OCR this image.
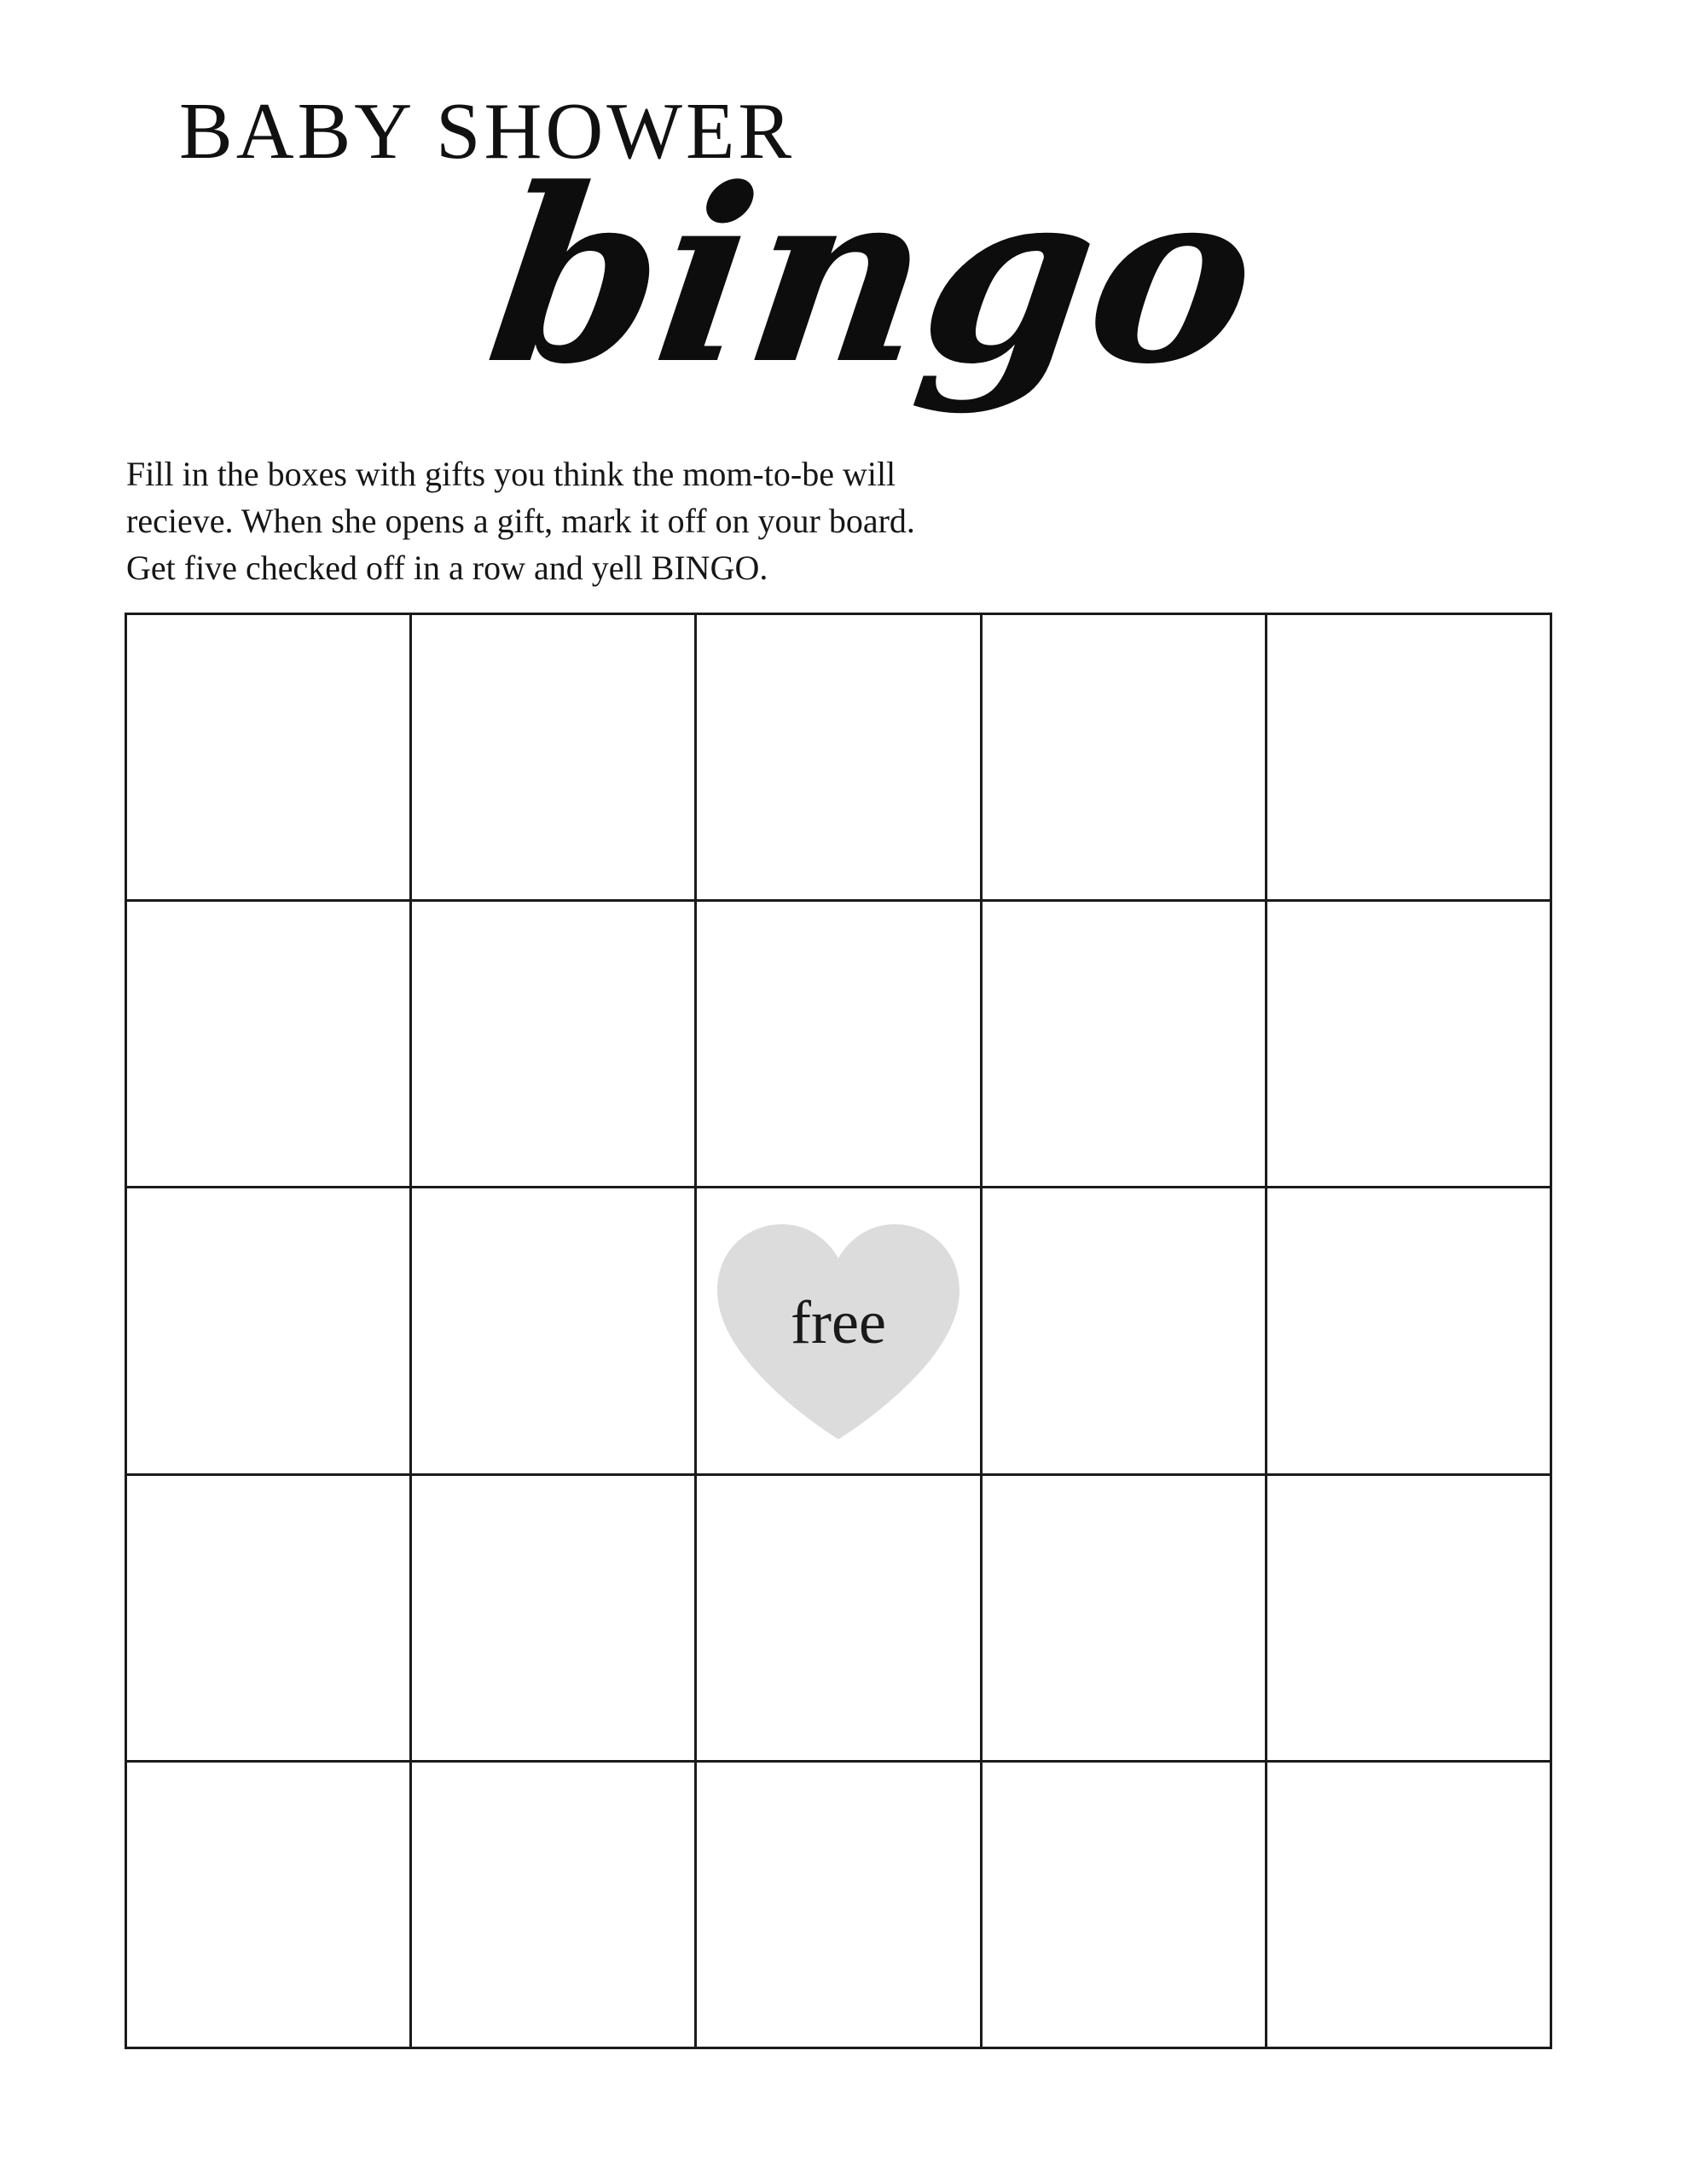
BABY SHOWER
bingo

Fill in the boxes with gifts you think the mom-to-be will

recieve. When she opens a gift, mark it off on your board.

Get five checked off in a row and yell BINGO.

free
